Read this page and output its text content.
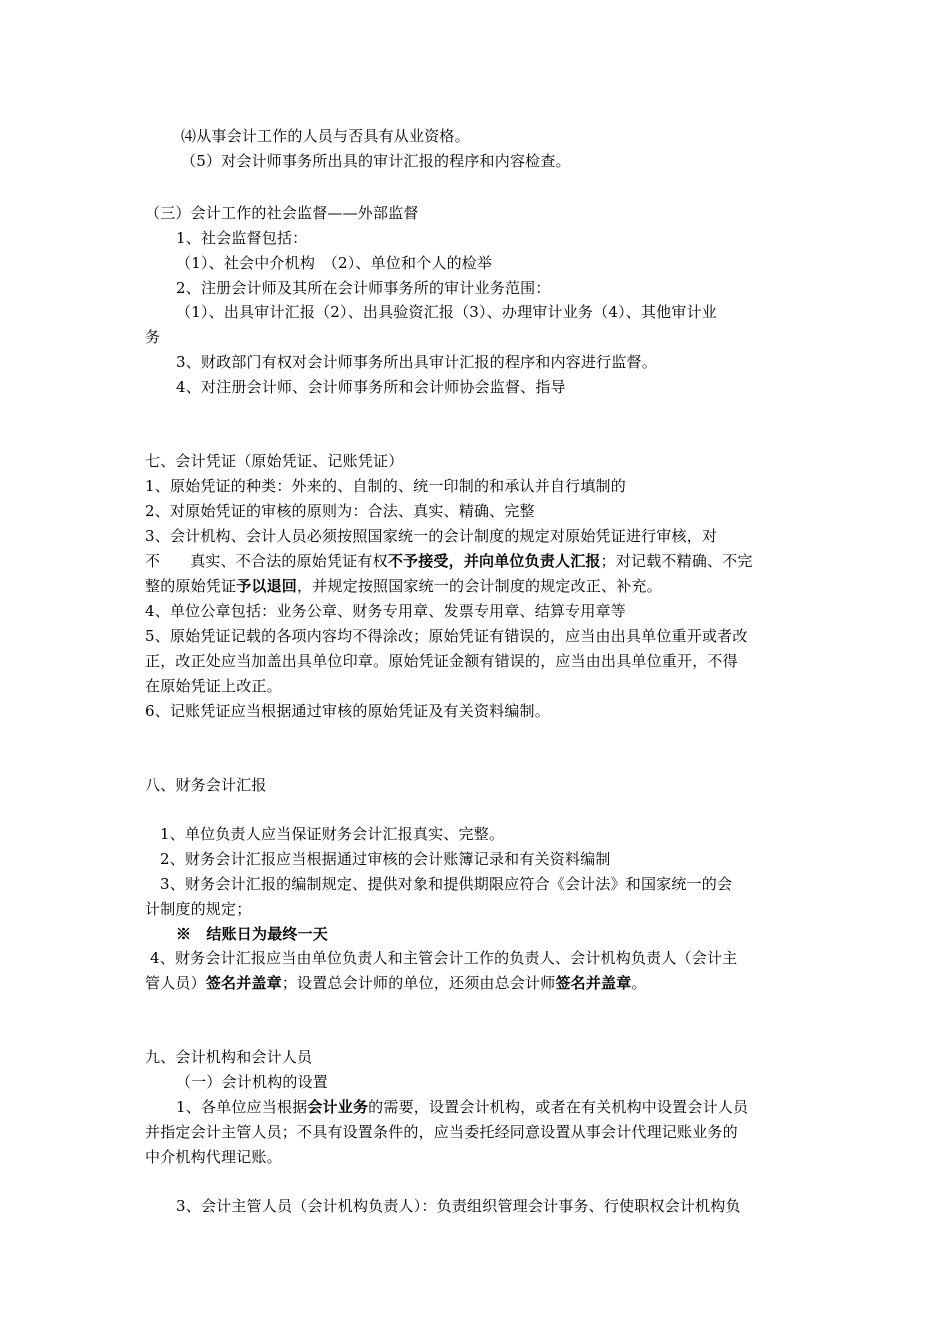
⑷从事会计工作的人员与否具有从业资格。
（5）对会计师事务所出具的审计汇报的程序和内容检查。
（三）会计工作的社会监督——外部监督
1、社会监督包括：
（1）、社会中介机构　（2）、单位和个人的检举
2、注册会计师及其所在会计师事务所的审计业务范围：
（1）、出具审计汇报（2）、出具验资汇报（3）、办理审计业务（4）、其他审计业
务
3、财政部门有权对会计师事务所出具审计汇报的程序和内容进行监督。
4、对注册会计师、会计师事务所和会计师协会监督、指导
七、会计凭证（原始凭证、记账凭证）
1、原始凭证的种类：外来的、自制的、统一印制的和承认并自行填制的
2、对原始凭证的审核的原则为：合法、真实、精确、完整
3、会计机构、会计人员必须按照国家统一的会计制度的规定对原始凭证进行审核，对
不 真实、不合法的原始凭证有权不予接受，并向单位负责人汇报；对记载不精确、不完
整的原始凭证予以退回，并规定按照国家统一的会计制度的规定改正、补充。
4、单位公章包括：业务公章、财务专用章、发票专用章、结算专用章等
5、原始凭证记载的各项内容均不得涂改；原始凭证有错误的，应当由出具单位重开或者改
正，改正处应当加盖出具单位印章。原始凭证金额有错误的，应当由出具单位重开，不得
在原始凭证上改正。
6、记账凭证应当根据通过审核的原始凭证及有关资料编制。
八、财务会计汇报
1、单位负责人应当保证财务会计汇报真实、完整。
2、财务会计汇报应当根据通过审核的会计账簿记录和有关资料编制
3、财务会计汇报的编制规定、提供对象和提供期限应符合《会计法》和国家统一的会
计制度的规定；
※　结账日为最终一天
4、财务会计汇报应当由单位负责人和主管会计工作的负责人、会计机构负责人（会计主
管人员）签名并盖章；设置总会计师的单位，还须由总会计师签名并盖章。
九、会计机构和会计人员
（一）会计机构的设置
1、各单位应当根据会计业务的需要，设置会计机构，或者在有关机构中设置会计人员
并指定会计主管人员；不具有设置条件的，应当委托经同意设置从事会计代理记账业务的
中介机构代理记账。
3、会计主管人员（会计机构负责人）：负责组织管理会计事务、行使职权会计机构负
